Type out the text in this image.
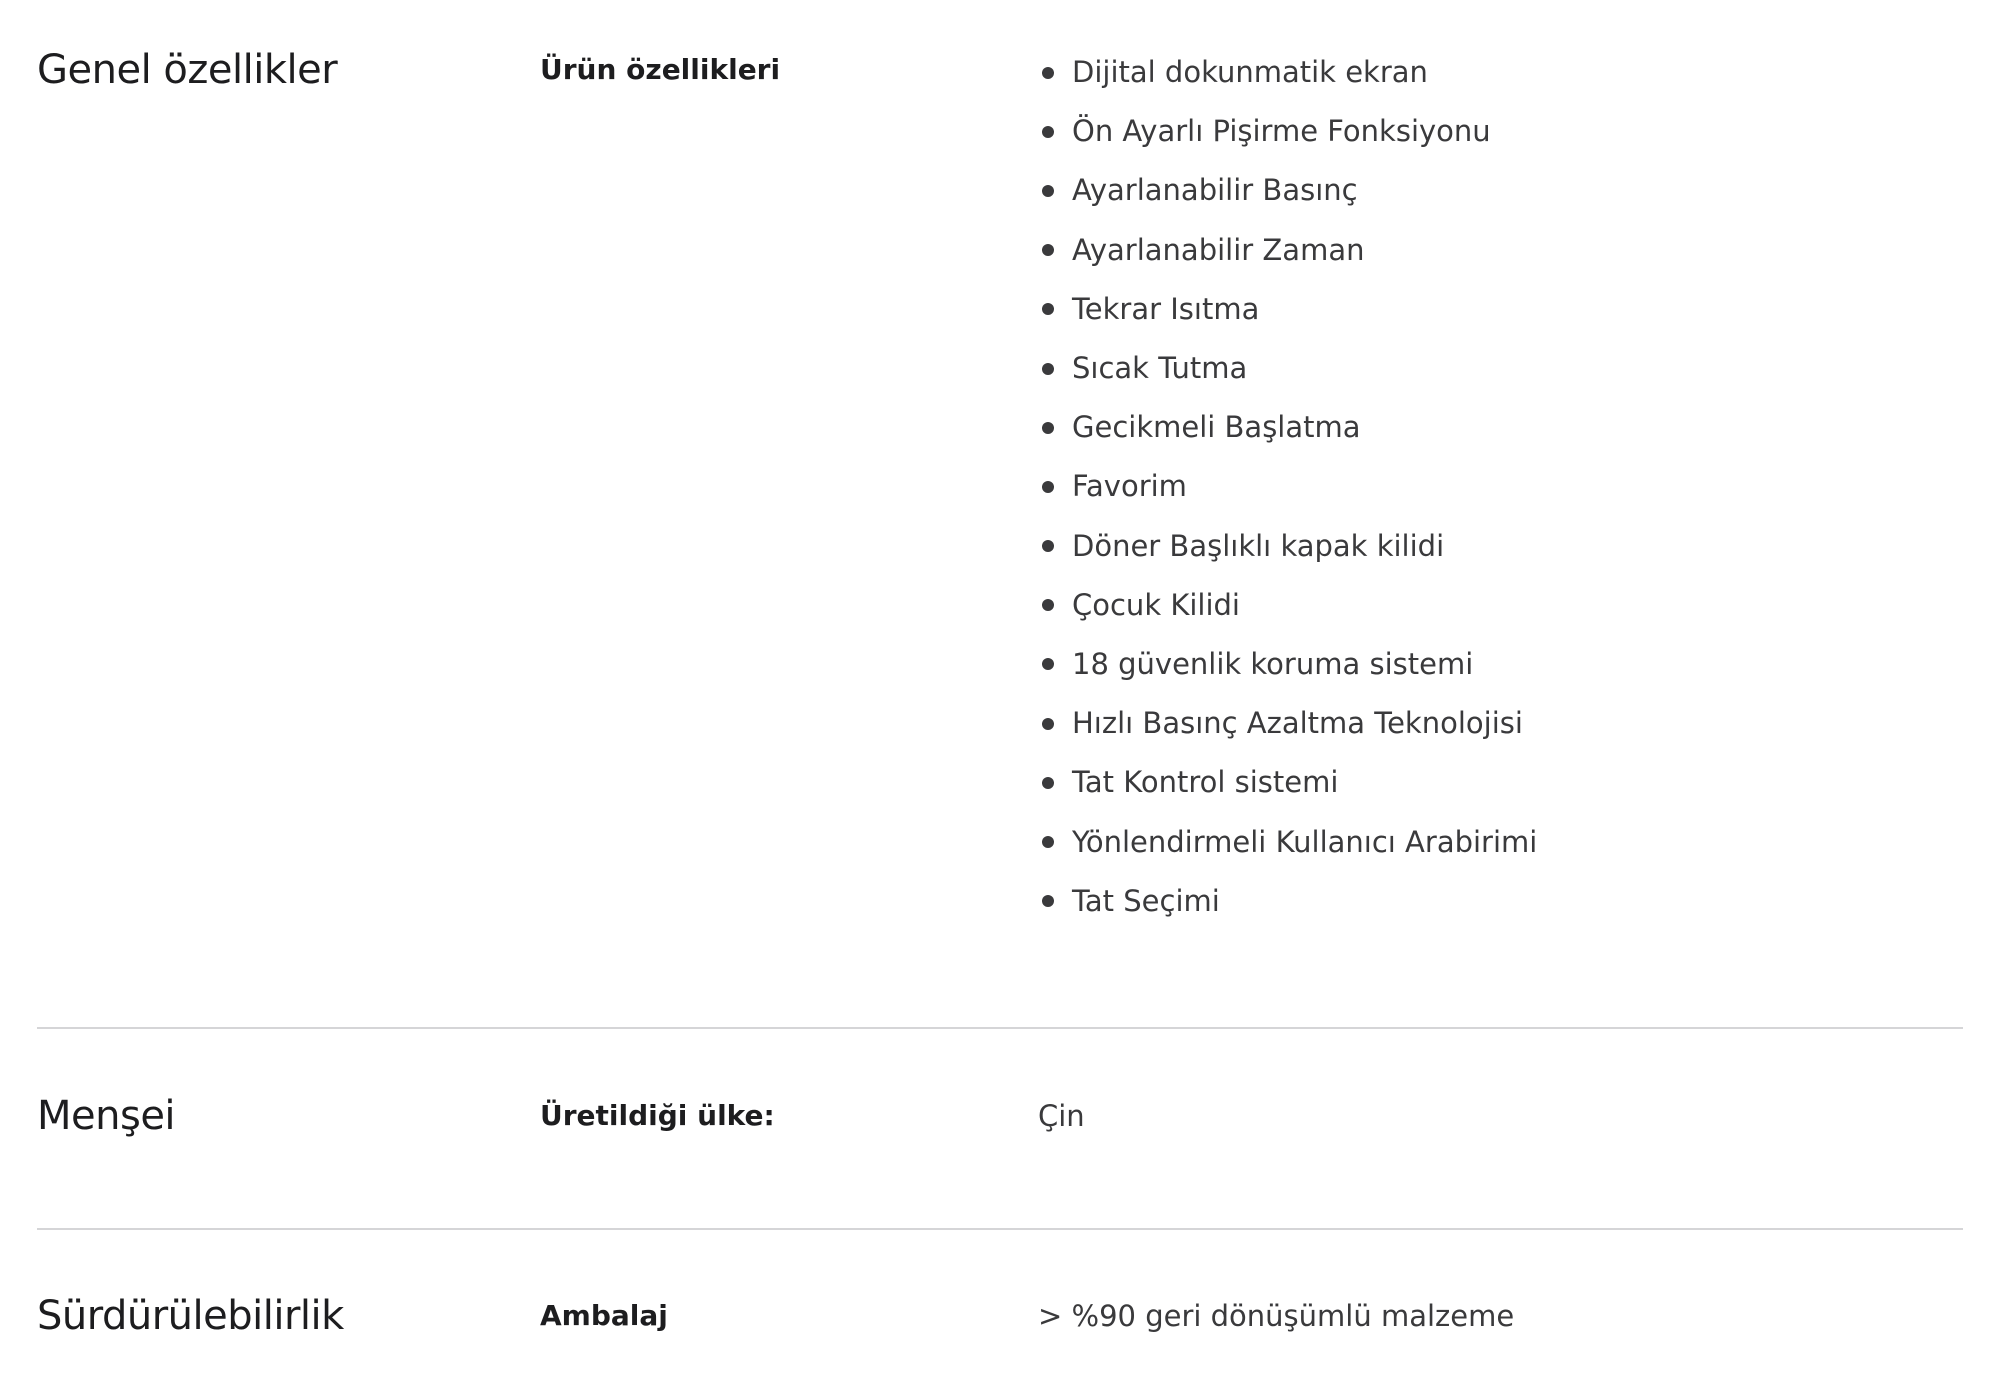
Genel özellikler	Ürün özellikleri	Dijital dokunmatik ekran
Ön Ayarlı Pişirme Fonksiyonu
Ayarlanabilir Basınç
Ayarlanabilir Zaman
Tekrar Isıtma
Sıcak Tutma
Gecikmeli Başlatma
Favorim
Döner Başlıklı kapak kilidi
Çocuk Kilidi
18 güvenlik koruma sistemi
Hızlı Basınç Azaltma Teknolojisi
Tat Kontrol sistemi
Yönlendirmeli Kullanıcı Arabirimi
Tat Seçimi
Menşei	Üretildiği ülke:	Çin
Sürdürülebilirlik	Ambalaj	> %90 geri dönüşümlü malzeme
